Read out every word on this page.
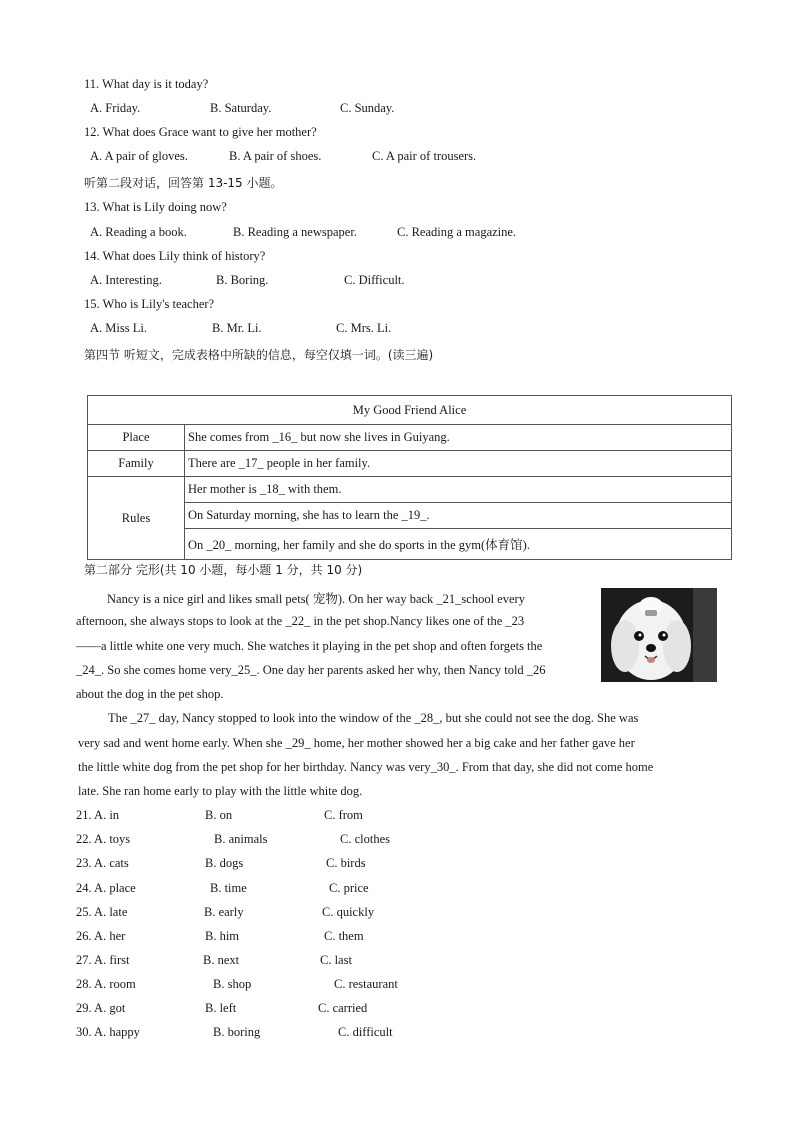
11. What day is it today?
A. Friday.	B. Saturday.	C. Sunday.
12. What does Grace want to give her mother?
A. A pair of gloves.	B. A pair of shoes.	C. A pair of trousers.
听第二段对话，回答第 13-15 小题。
13. What is Lily doing now?
A. Reading a book.	B. Reading a newspaper.	C. Reading a magazine.
14. What does Lily think of history?
A. Interesting.	B. Boring.	C. Difficult.
15. Who is Lily's teacher?
A. Miss Li.	B. Mr. Li.	C. Mrs. Li.
第四节 听短文，完成表格中所缺的信息，每空仅填一词。(读三遍)
My Good Friend Alice	
Place	She comes from _16_ but now she lives in Guiyang.
Family	There are _17_ people in her family.
Rules	Her mother is _18_ with them.
	On Saturday morning, she has to learn the _19_.
	On _20_ morning, her family and she do sports in the gym(体育馆).
第二部分 完形(共 10 小题，每小题 1 分，共 10 分)
Nancy is a nice girl and likes small pets( 宠物). On her way back _21_school every
afternoon, she always stops to look at the _22_ in the pet shop.Nancy likes one of the _23
——a little white one very much. She watches it playing in the pet shop and often forgets the
_24_. So she comes home very_25_. One day her parents asked her why, then Nancy told _26
about the dog in the pet shop.
The _27_ day, Nancy stopped to look into the window of the _28_, but she could not see the dog. She was
very sad and went home early. When she _29_ home, her mother showed her a big cake and her father gave her
the little white dog from the pet shop for her birthday. Nancy was very_30_. From that day, she did not come home
late. She ran home early to play with the little white dog.
21. A. in	B. on	C. from
22. A. toys	B. animals	C. clothes
23. A. cats	B. dogs	C. birds
24. A. place	B. time	C. price
25. A. late	B. early	C. quickly
26. A. her	B. him	C. them
27. A. first	B. next	C. last
28. A. room	B. shop	C. restaurant
29. A. got	B. left	C. carried
30. A. happy	B. boring	C. difficult
